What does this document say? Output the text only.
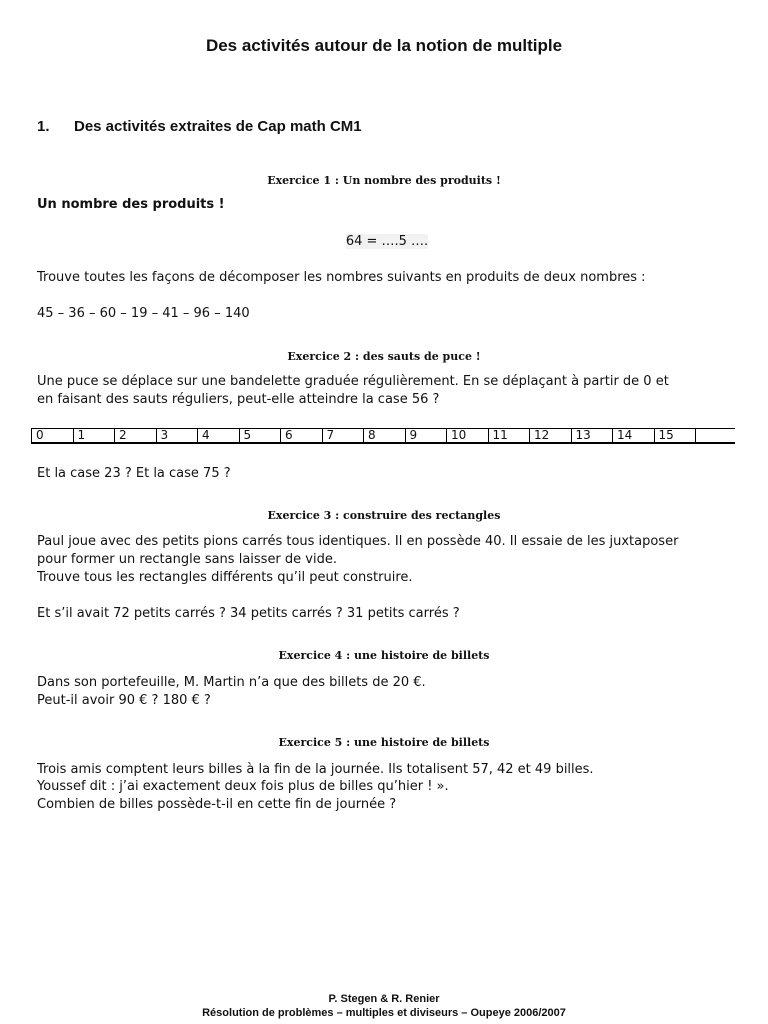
Des activités autour de la notion de multiple
1. Des activités extraites de Cap math CM1
Exercice 1 : Un nombre des produits !
Un nombre des produits !
64 = ….5 ….
Trouve toutes les façons de décomposer les nombres suivants en produits de deux nombres :
45 – 36 – 60 – 19 – 41 – 96 – 140
Exercice 2 : des sauts de puce !
Une puce se déplace sur une bandelette graduée régulièrement. En se déplaçant à partir de 0 et
en faisant des sauts réguliers, peut-elle atteindre la case 56 ?
0	1	2	3	4	5	6	7	8	9	10	11	12	13	14	15
Et la case 23 ? Et la case 75 ?
Exercice 3 : construire des rectangles
Paul joue avec des petits pions carrés tous identiques. Il en possède 40. Il essaie de les juxtaposer
pour former un rectangle sans laisser de vide.
Trouve tous les rectangles différents qu’il peut construire.
Et s’il avait 72 petits carrés ? 34 petits carrés ? 31 petits carrés ?
Exercice 4 : une histoire de billets
Dans son portefeuille, M. Martin n’a que des billets de 20 €.
Peut-il avoir 90 € ? 180 € ?
Exercice 5 : une histoire de billets
Trois amis comptent leurs billes à la fin de la journée. Ils totalisent 57, 42 et 49 billes.
Youssef dit : j’ai exactement deux fois plus de billes qu’hier ! ».
Combien de billes possède-t-il en cette fin de journée ?
P. Stegen & R. Renier
Résolution de problèmes – multiples et diviseurs – Oupeye 2006/2007
